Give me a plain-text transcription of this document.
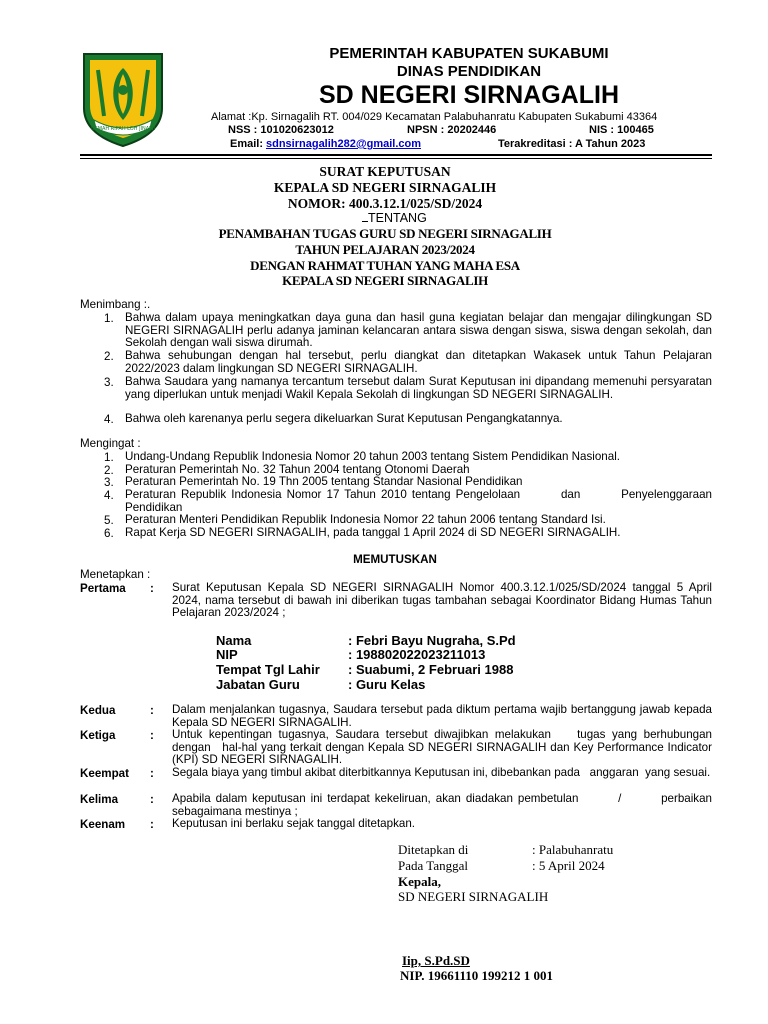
GEMAH RIPAH LOH JINAWI
PEMERINTAH KABUPATEN SUKABUMI
DINAS PENDIDIKAN
SD NEGERI SIRNAGALIH
Alamat :Kp. Sirnagalih RT. 004/029 Kecamatan Palabuhanratu Kabupaten Sukabumi 43364
NSS : 101020623012	NPSN : 20202446	NIS : 100465
Email: sdnsirnagalih282@gmail.com	Terakreditasi : A Tahun 2023
SURAT KEPUTUSAN
KEPALA SD NEGERI SIRNAGALIH
NOMOR: 400.3.12.1/025/SD/2024
TENTANG
PENAMBAHAN TUGAS GURU SD NEGERI SIRNAGALIH
TAHUN PELAJARAN 2023/2024
DENGAN RAHMAT TUHAN YANG MAHA ESA
KEPALA SD NEGERI SIRNAGALIH
Menimbang :.
1. Bahwa dalam upaya meningkatkan daya guna dan hasil guna kegiatan belajar dan mengajar dilingkungan SD NEGERI SIRNAGALIH perlu adanya jaminan kelancaran antara siswa dengan siswa, siswa dengan sekolah, dan Sekolah dengan wali siswa dirumah.
2. Bahwa sehubungan dengan hal tersebut, perlu diangkat dan ditetapkan Wakasek untuk Tahun Pelajaran 2022/2023 dalam lingkungan SD NEGERI SIRNAGALIH.
3. Bahwa Saudara yang namanya tercantum tersebut dalam Surat Keputusan ini dipandang memenuhi persyaratan yang diperlukan untuk menjadi Wakil Kepala Sekolah di lingkungan SD NEGERI SIRNAGALIH.
4. Bahwa oleh karenanya perlu segera dikeluarkan Surat Keputusan Pengangkatannya.
Mengingat :
1. Undang-Undang Republik Indonesia Nomor 20 tahun 2003 tentang Sistem Pendidikan Nasional.
2. Peraturan Pemerintah No. 32 Tahun 2004 tentang Otonomi Daerah
3. Peraturan Pemerintah No. 19 Thn 2005 tentang Standar Nasional Pendidikan
4. Peraturan Republik Indonesia Nomor 17 Tahun 2010 tentang Pengelolaan        dan        Penyelenggaraan Pendidikan
5. Peraturan Menteri Pendidikan Republik Indonesia Nomor 22 tahun 2006 tentang Standard Isi.
6. Rapat Kerja SD NEGERI SIRNAGALIH, pada tanggal 1 April 2024 di SD NEGERI SIRNAGALIH.
MEMUTUSKAN
Menetapkan :
Pertama : Surat Keputusan Kepala SD NEGERI SIRNAGALIH Nomor 400.3.12.1/025/SD/2024 tanggal 5 April 2024, nama tersebut di bawah ini diberikan tugas tambahan sebagai Koordinator Bidang Humas Tahun Pelajaran 2023/2024 ;
Nama	: Febri Bayu Nugraha, S.Pd
NIP	: 198802022023211013
Tempat Tgl Lahir : Suabumi, 2 Februari 1988
Jabatan Guru	: Guru Kelas
Kedua	: Dalam menjalankan tugasnya, Saudara tersebut pada diktum pertama wajib bertanggung jawab kepada Kepala SD NEGERI SIRNAGALIH.
Ketiga	: Untuk kepentingan tugasnya, Saudara tersebut diwajibkan melakukan    tugas yang berhubungan dengan   hal-hal yang terkait dengan Kepala SD NEGERI SIRNAGALIH dan Key Performance Indicator (KPI) SD NEGERI SIRNAGALIH.
Keempat : Segala biaya yang timbul akibat diterbitkannya Keputusan ini, dibebankan pada   anggaran  yang sesuai.
Kelima	: Apabila dalam keputusan ini terdapat kekeliruan, akan diadakan pembetulan        /        perbaikan sebagaimana mestinya ;
Keenam : Keputusan ini berlaku sejak tanggal ditetapkan.
Ditetapkan di	: Palabuhanratu
Pada Tanggal	: 5 April 2024
Kepala,
SD NEGERI SIRNAGALIH
Iip, S.Pd.SD
NIP. 19661110 199212 1 001
